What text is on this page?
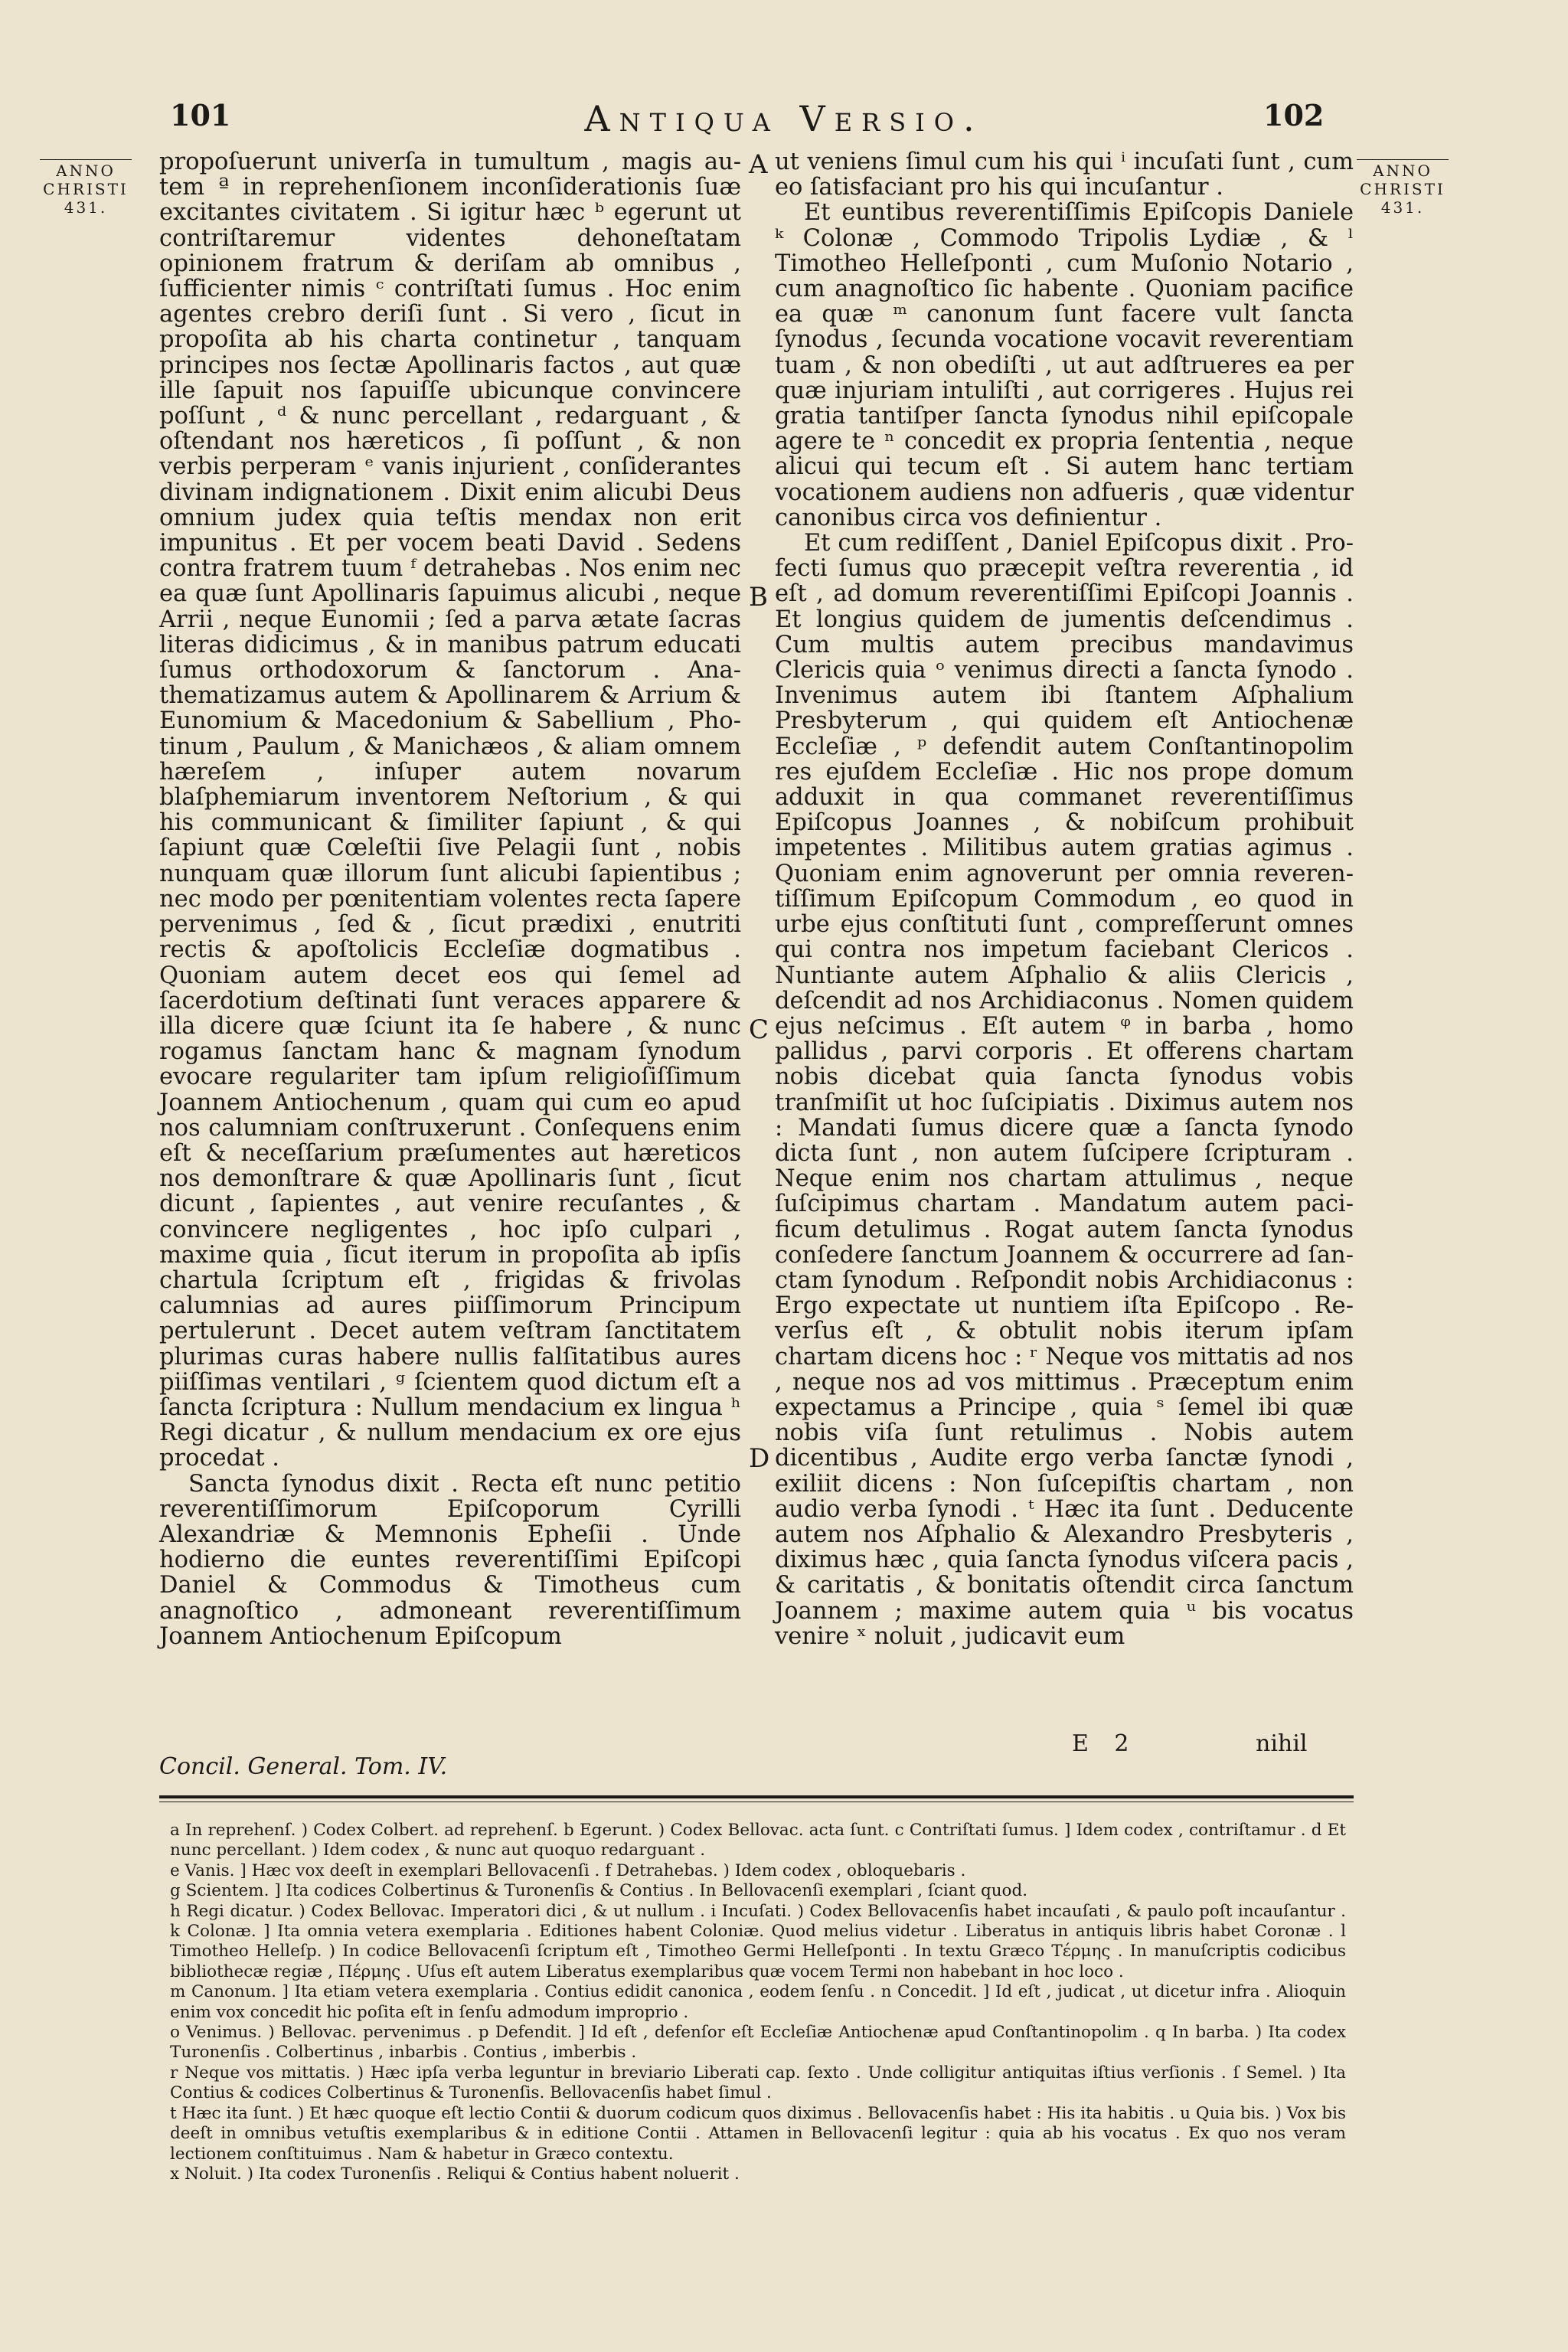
101	Antiqua Versio.	102
ANNO
CHRISTI
431.
ANNO
CHRISTI
431.

propoſuerunt univerſa in tumultum , magis autem ª in reprehenſionem inconſiderationis ſuæ excitantes civitatem . Si igitur hæc ᵇ egerunt ut contriſtaremur videntes dehoneſtatam opinionem fratrum & deriſam ab omnibus , ſufficienter nimis ᶜ contriſtati ſumus . Hoc enim agentes crebro deriſi ſunt . Si vero , ſicut in propoſita ab his charta continetur , tanquam principes nos ſectæ Apollinaris factos , aut quæ ille ſapuit nos ſapuiſſe ubicunque convincere poſſunt , ᵈ & nunc percellant , redarguant , & oſtendant nos hæreticos , ſi poſſunt , & non verbis perperam ᵉ vanis injurient , conſiderantes divinam indignationem . Dixit enim alicubi Deus omnium judex quia teſtis mendax non erit impunitus . Et per vocem beati David . Sedens contra fratrem tuum ᶠ detrahebas . Nos enim nec ea quæ ſunt Apollinaris ſapuimus alicubi , neque Arrii , neque Eunomii ; ſed a parva ætate ſacras literas didicimus , & in manibus patrum educati ſumus orthodoxorum & ſanctorum . Anathematizamus autem & Apollinarem & Arrium & Eunomium & Macedonium & Sabellium , Photinum , Paulum , & Manichæos , & aliam omnem hæreſem , inſuper autem novarum blaſphemiarum inventorem Neſtorium , & qui his communicant & ſimiliter ſapiunt , & qui ſapiunt quæ Cœleſtii ſive Pelagii ſunt , nobis nunquam quæ illorum ſunt alicubi ſapientibus ; nec modo per pœnitentiam volentes recta ſapere pervenimus , ſed & , ſicut prædixi , enutriti rectis & apoſtolicis Eccleſiæ dogmatibus . Quoniam autem decet eos qui ſemel ad ſacerdotium deſtinati ſunt veraces apparere & illa dicere quæ ſciunt ita ſe habere , & nunc rogamus ſanctam hanc & magnam ſynodum evocare regulariter tam ipſum religioſiſſimum Joannem Antiochenum , quam qui cum eo apud nos calumniam conſtruxerunt . Conſequens enim eſt & neceſſarium præſumentes aut hæreticos nos demonſtrare & quæ Apollinaris ſunt , ſicut dicunt , ſapientes , aut venire recuſantes , & convincere negligentes , hoc ipſo culpari , maxime quia , ſicut iterum in propoſita ab ipſis chartula ſcriptum eſt , frigidas & frivolas calumnias ad aures piiſſimorum Principum pertulerunt . Decet autem veſtram ſanctitatem plurimas curas habere nullis falſitatibus aures piiſſimas ventilari , ᵍ ſcientem quod dictum eſt a ſancta ſcriptura : Nullum mendacium ex lingua ʰ Regi dicatur , & nullum mendacium ex ore ejus procedat .

Sancta ſynodus dixit . Recta eſt nunc petitio reverentiſſimorum Epiſcoporum Cyrilli Alexandriæ & Memnonis Epheſii . Unde hodierno die euntes reverentiſſimi Epiſcopi Daniel & Commodus & Timotheus cum anagnoſtico , admoneant reverentiſſimum Joannem Antiochenum Epiſcopum

A
B
C
D

ut veniens ſimul cum his qui ⁱ incuſati ſunt , cum eo ſatisfaciant pro his qui incuſantur .

Et euntibus reverentiſſimis Epiſcopis Daniele ᵏ Colonæ , Commodo Tripolis Lydiæ , & ˡ Timotheo Helleſponti , cum Muſonio Notario , cum anagnoſtico ſic habente . Quoniam pacifice ea quæ ᵐ canonum ſunt facere vult ſancta ſynodus , ſecunda vocatione vocavit reverentiam tuam , & non obediſti , ut aut adſtrueres ea per quæ injuriam intuliſti , aut corrigeres . Hujus rei gratia tantiſper ſancta ſynodus nihil epiſcopale agere te ⁿ concedit ex propria ſententia , neque alicui qui tecum eſt . Si autem hanc tertiam vocationem audiens non adfueris , quæ videntur canonibus circa vos definientur .

Et cum rediſſent , Daniel Epiſcopus dixit . Profecti ſumus quo præcepit veſtra reverentia , id eſt , ad domum reverentiſſimi Epiſcopi Joannis . Et longius quidem de jumentis deſcendimus . Cum multis autem precibus mandavimus Clericis quia ᵒ venimus directi a ſancta ſynodo . Invenimus autem ibi ſtantem Aſphalium Presbyterum , qui quidem eſt Antiochenæ Eccleſiæ , ᵖ defendit autem Conſtantinopolim res ejuſdem Eccleſiæ . Hic nos prope domum adduxit in qua commanet reverentiſſimus Epiſcopus Joannes , & nobiſcum prohibuit impetentes . Militibus autem gratias agimus . Quoniam enim agnoverunt per omnia reverentiſſimum Epiſcopum Commodum , eo quod in urbe ejus conſtituti ſunt , compreſſerunt omnes qui contra nos impetum faciebant Clericos . Nuntiante autem Aſphalio & aliis Clericis , deſcendit ad nos Archidiaconus . Nomen quidem ejus neſcimus . Eſt autem ᵠ in barba , homo pallidus , parvi corporis . Et offerens chartam nobis dicebat quia ſancta ſynodus vobis tranſmiſit ut hoc ſuſcipiatis . Diximus autem nos : Mandati ſumus dicere quæ a ſancta ſynodo dicta ſunt , non autem ſuſcipere ſcripturam . Neque enim nos chartam attulimus , neque ſuſcipimus chartam . Mandatum autem pacificum detulimus . Rogat autem ſancta ſynodus conſedere ſanctum Joannem & occurrere ad ſanctam ſynodum . Reſpondit nobis Archidiaconus : Ergo expectate ut nuntiem iſta Epiſcopo . Reverſus eſt , & obtulit nobis iterum ipſam chartam dicens hoc : ʳ Neque vos mittatis ad nos , neque nos ad vos mittimus . Præceptum enim expectamus a Principe , quia ˢ ſemel ibi quæ nobis viſa ſunt retulimus . Nobis autem dicentibus , Audite ergo verba ſanctæ ſynodi , exiliit dicens : Non ſuſcepiſtis chartam , non audio verba ſynodi . ᵗ Hæc ita ſunt . Deducente autem nos Aſphalio & Alexandro Presbyteris , diximus hæc , quia ſancta ſynodus viſcera pacis , & caritatis , & bonitatis oſtendit circa ſanctum Joannem ; maxime autem quia ᵘ bis vocatus venire ˣ noluit , judicavit eum

Concil. General. Tom. IV.
E 2	nihil

a In reprehenſ. ) Codex Colbert. ad reprehenſ. b Egerunt. ) Codex Bellovac. acta ſunt. c Contriſtati ſumus. ] Idem codex , contriſtamur . d Et nunc percellant. ) Idem codex , & nunc aut quoquo redarguant .

e Vanis. ] Hæc vox deeſt in exemplari Bellovacenſi . f Detrahebas. ) Idem codex , obloquebaris .

g Scientem. ] Ita codices Colbertinus & Turonenſis & Contius . In Bellovacenſi exemplari , ſciant quod.

h Regi dicatur. ) Codex Bellovac. Imperatori dici , & ut nullum . i Incuſati. ) Codex Bellovacenſis habet incauſati , & paulo poſt incauſantur . k Colonæ. ] Ita omnia vetera exemplaria . Editiones habent Coloniæ. Quod melius videtur . Liberatus in antiquis libris habet Coronæ . l Timotheo Helleſp. ) In codice Bellovacenſi ſcriptum eſt , Timotheo Germi Helleſponti . In textu Græco Τέρμης . In manuſcriptis codicibus bibliothecæ regiæ , Πέρμης . Uſus eſt autem Liberatus exemplaribus quæ vocem Termi non habebant in hoc loco .

m Canonum. ] Ita etiam vetera exemplaria . Contius edidit canonica , eodem ſenſu . n Concedit. ] Id eſt , judicat , ut dicetur infra . Alioquin enim vox concedit hic poſita eſt in ſenſu admodum improprio .

o Venimus. ) Bellovac. pervenimus . p Defendit. ] Id eſt , defenſor eſt Eccleſiæ Antiochenæ apud Conſtantinopolim . q In barba. ) Ita codex Turonenſis . Colbertinus , inbarbis . Contius , imberbis .

r Neque vos mittatis. ) Hæc ipſa verba leguntur in breviario Liberati cap. ſexto . Unde colligitur antiquitas iſtius verſionis . ſ Semel. ) Ita Contius & codices Colbertinus & Turonenſis. Bellovacenſis habet ſimul .

t Hæc ita ſunt. ) Et hæc quoque eſt lectio Contii & duorum codicum quos diximus . Bellovacenſis habet : His ita habitis . u Quia bis. ) Vox bis deeſt in omnibus vetuſtis exemplaribus & in editione Contii . Attamen in Bellovacenſi legitur : quia ab his vocatus . Ex quo nos veram lectionem conſtituimus . Nam & habetur in Græco contextu.

x Noluit. ) Ita codex Turonenſis . Reliqui & Contius habent noluerit .
